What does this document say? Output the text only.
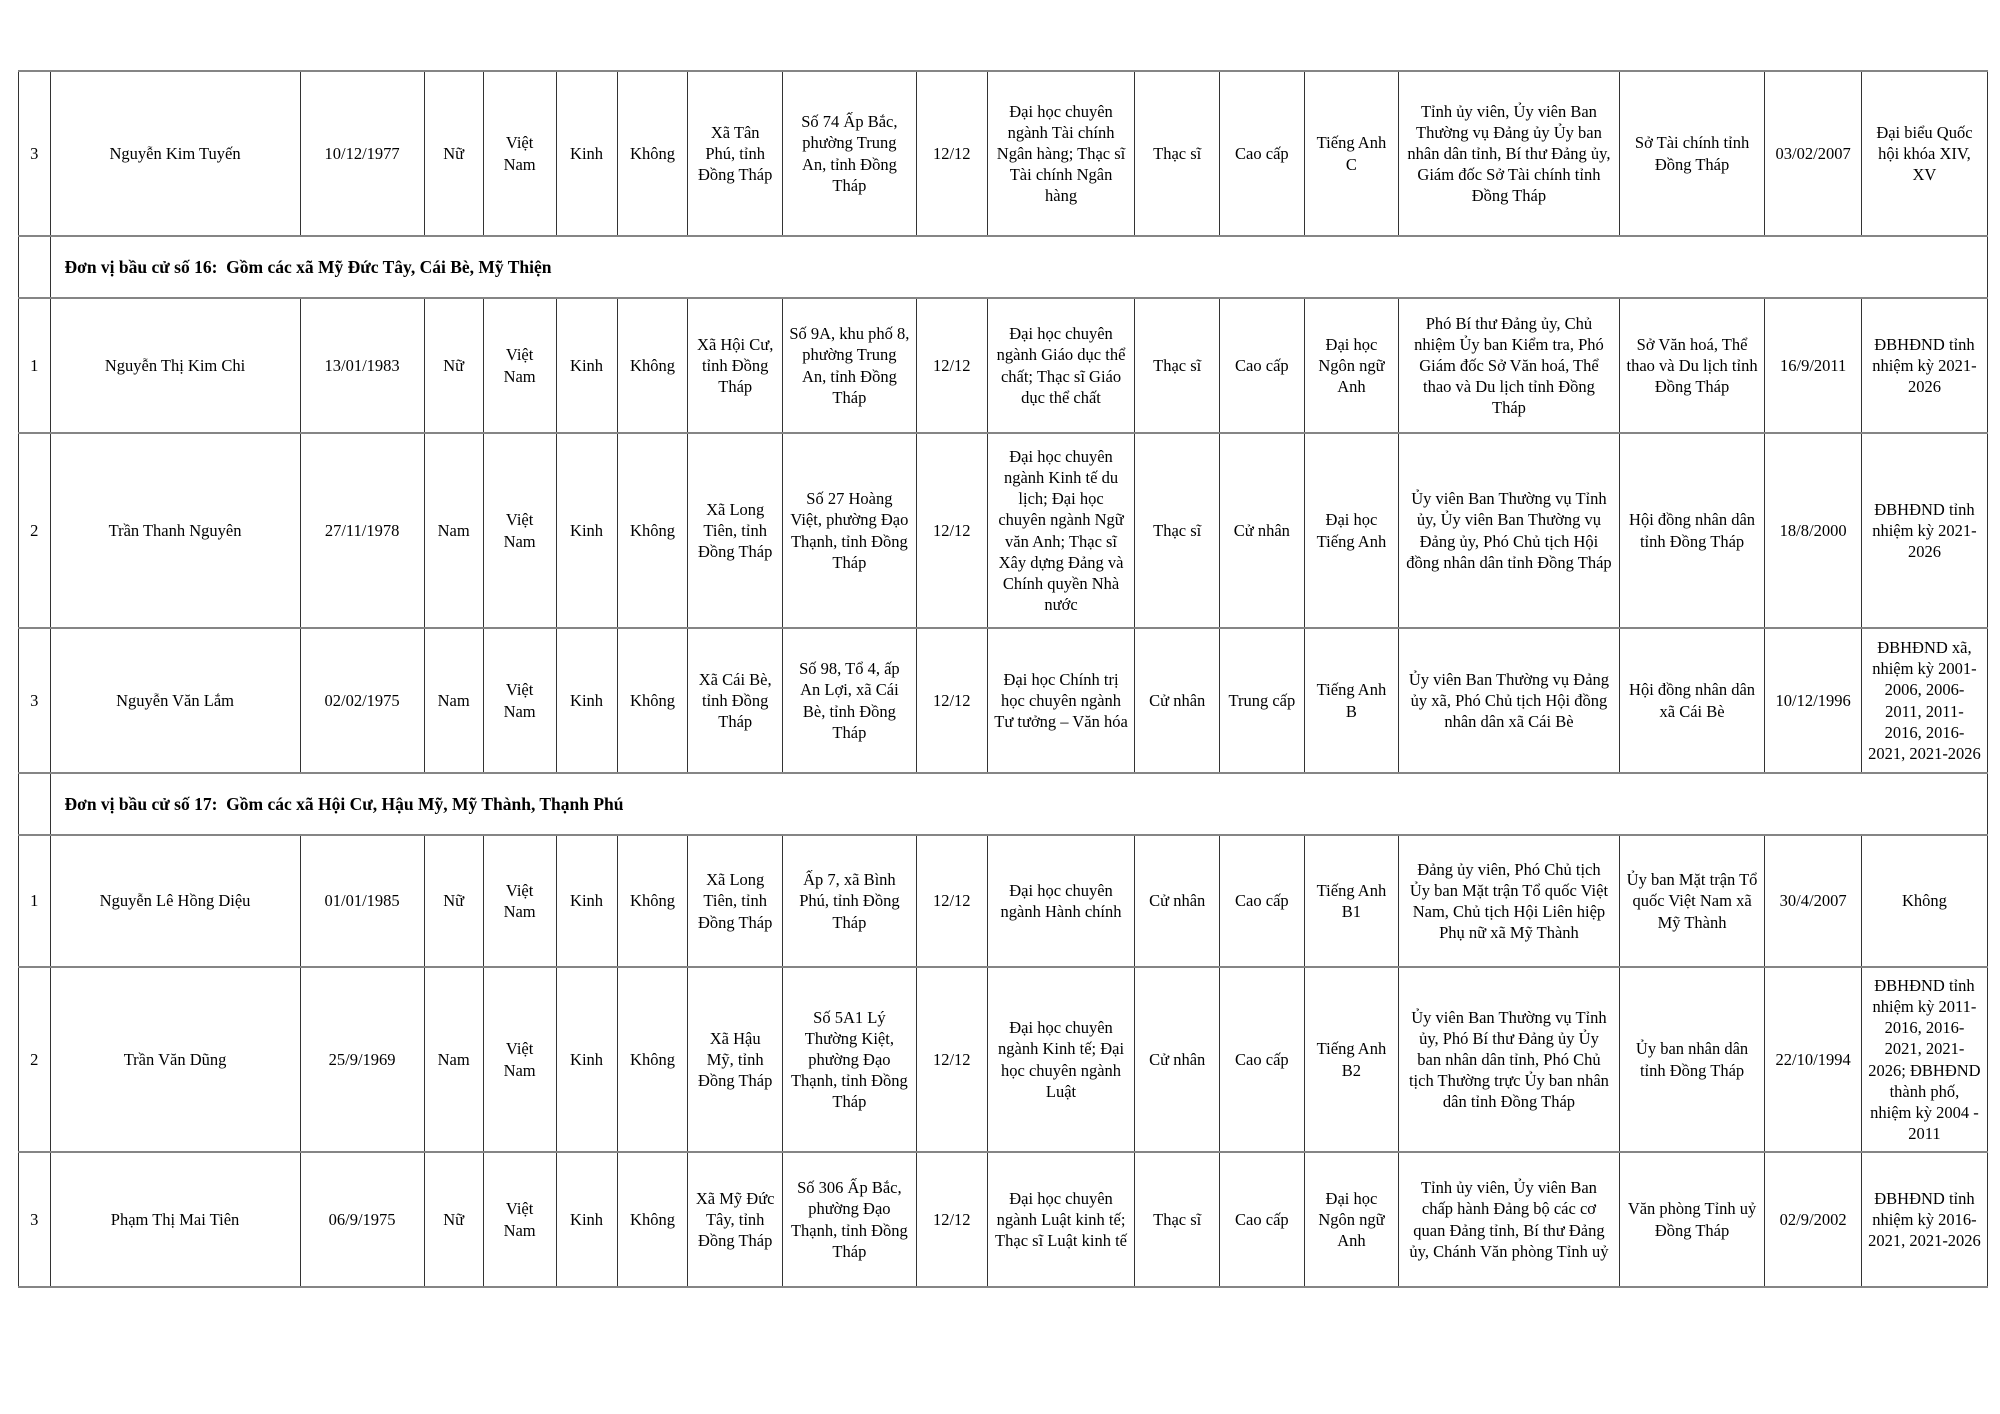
3	Nguyễn Kim Tuyến	10/12/1977	Nữ	Việt Nam	Kinh	Không	Xã Tân Phú, tỉnh Đồng Tháp	Số 74 Ấp Bắc, phường Trung An, tỉnh Đồng Tháp	12/12	Đại học chuyên ngành Tài chính Ngân hàng; Thạc sĩ Tài chính Ngân hàng	Thạc sĩ	Cao cấp	Tiếng Anh C	Tỉnh ủy viên, Ủy viên Ban Thường vụ Đảng ủy Ủy ban nhân dân tỉnh, Bí thư Đảng ủy, Giám đốc Sở Tài chính tỉnh Đồng Tháp	Sở Tài chính tỉnh Đồng Tháp	03/02/2007	Đại biểu Quốc hội khóa XIV, XV
	Đơn vị bầu cử số 16:  Gồm các xã Mỹ Đức Tây, Cái Bè, Mỹ Thiện																
1	Nguyễn Thị Kim Chi	13/01/1983	Nữ	Việt Nam	Kinh	Không	Xã Hội Cư, tỉnh Đồng Tháp	Số 9A, khu phố 8, phường Trung An, tỉnh Đồng Tháp	12/12	Đại học chuyên ngành Giáo dục thể chất; Thạc sĩ Giáo dục thể chất	Thạc sĩ	Cao cấp	Đại học Ngôn ngữ Anh	Phó Bí thư Đảng ủy, Chủ nhiệm Ủy ban Kiểm tra, Phó Giám đốc Sở Văn hoá, Thể thao và Du lịch tỉnh Đồng Tháp	Sở Văn hoá, Thể thao và Du lịch tỉnh Đồng Tháp	16/9/2011	ĐBHĐND tỉnh nhiệm kỳ 2021-2026
2	Trần Thanh Nguyên	27/11/1978	Nam	Việt Nam	Kinh	Không	Xã Long Tiên, tỉnh Đồng Tháp	Số 27 Hoàng Việt, phường Đạo Thạnh, tỉnh Đồng Tháp	12/12	Đại học chuyên ngành Kinh tế du lịch; Đại học chuyên ngành Ngữ văn Anh; Thạc sĩ Xây dựng Đảng và Chính quyền Nhà nước	Thạc sĩ	Cử nhân	Đại học Tiếng Anh	Ủy viên Ban Thường vụ Tỉnh ủy, Ủy viên Ban Thường vụ Đảng ủy, Phó Chủ tịch Hội đồng nhân dân tỉnh Đồng Tháp	Hội đồng nhân dân tỉnh Đồng Tháp	18/8/2000	ĐBHĐND tỉnh nhiệm kỳ 2021-2026
3	Nguyễn Văn Lắm	02/02/1975	Nam	Việt Nam	Kinh	Không	Xã Cái Bè, tỉnh Đồng Tháp	Số 98, Tổ 4, ấp An Lợi, xã Cái Bè, tỉnh Đồng Tháp	12/12	Đại học Chính trị học chuyên ngành Tư tưởng – Văn hóa	Cử nhân	Trung cấp	Tiếng Anh B	Ủy viên Ban Thường vụ Đảng ủy xã, Phó Chủ tịch Hội đồng nhân dân xã Cái Bè	Hội đồng nhân dân xã Cái Bè	10/12/1996	ĐBHĐND xã, nhiệm kỳ 2001-2006, 2006-2011, 2011-2016, 2016-2021, 2021-2026
	Đơn vị bầu cử số 17:  Gồm các xã Hội Cư, Hậu Mỹ, Mỹ Thành, Thạnh Phú																
1	Nguyễn Lê Hồng Diệu	01/01/1985	Nữ	Việt Nam	Kinh	Không	Xã Long Tiên, tỉnh Đồng Tháp	Ấp 7, xã Bình Phú, tỉnh Đồng Tháp	12/12	Đại học chuyên ngành Hành chính	Cử nhân	Cao cấp	Tiếng Anh B1	Đảng ủy viên, Phó Chủ tịch Ủy ban Mặt trận Tổ quốc Việt Nam, Chủ tịch Hội Liên hiệp Phụ nữ xã Mỹ Thành	Ủy ban Mặt trận Tổ quốc Việt Nam xã Mỹ Thành	30/4/2007	Không
2	Trần Văn Dũng	25/9/1969	Nam	Việt Nam	Kinh	Không	Xã Hậu Mỹ, tỉnh Đồng Tháp	Số 5A1 Lý Thường Kiệt, phường Đạo Thạnh, tỉnh Đồng Tháp	12/12	Đại học chuyên ngành Kinh tế; Đại học chuyên ngành Luật	Cử nhân	Cao cấp	Tiếng Anh B2	Ủy viên Ban Thường vụ Tỉnh ủy, Phó Bí thư Đảng ủy Ủy ban nhân dân tỉnh, Phó Chủ tịch Thường trực Ủy ban nhân dân tỉnh Đồng Tháp	Ủy ban nhân dân tỉnh Đồng Tháp	22/10/1994	ĐBHĐND tỉnh nhiệm kỳ 2011-2016, 2016-2021, 2021-2026; ĐBHĐND thành phố, nhiệm kỳ 2004 - 2011
3	Phạm Thị Mai Tiên	06/9/1975	Nữ	Việt Nam	Kinh	Không	Xã Mỹ Đức Tây, tỉnh Đồng Tháp	Số 306 Ấp Bắc, phường Đạo Thạnh, tỉnh Đồng Tháp	12/12	Đại học chuyên ngành Luật kinh tế; Thạc sĩ Luật kinh tế	Thạc sĩ	Cao cấp	Đại học Ngôn ngữ Anh	Tỉnh ủy viên, Ủy viên Ban chấp hành Đảng bộ các cơ quan Đảng tỉnh, Bí thư Đảng ủy, Chánh Văn phòng Tỉnh uỷ	Văn phòng Tỉnh uỷ Đồng Tháp	02/9/2002	ĐBHĐND tỉnh nhiệm kỳ 2016-2021, 2021-2026
